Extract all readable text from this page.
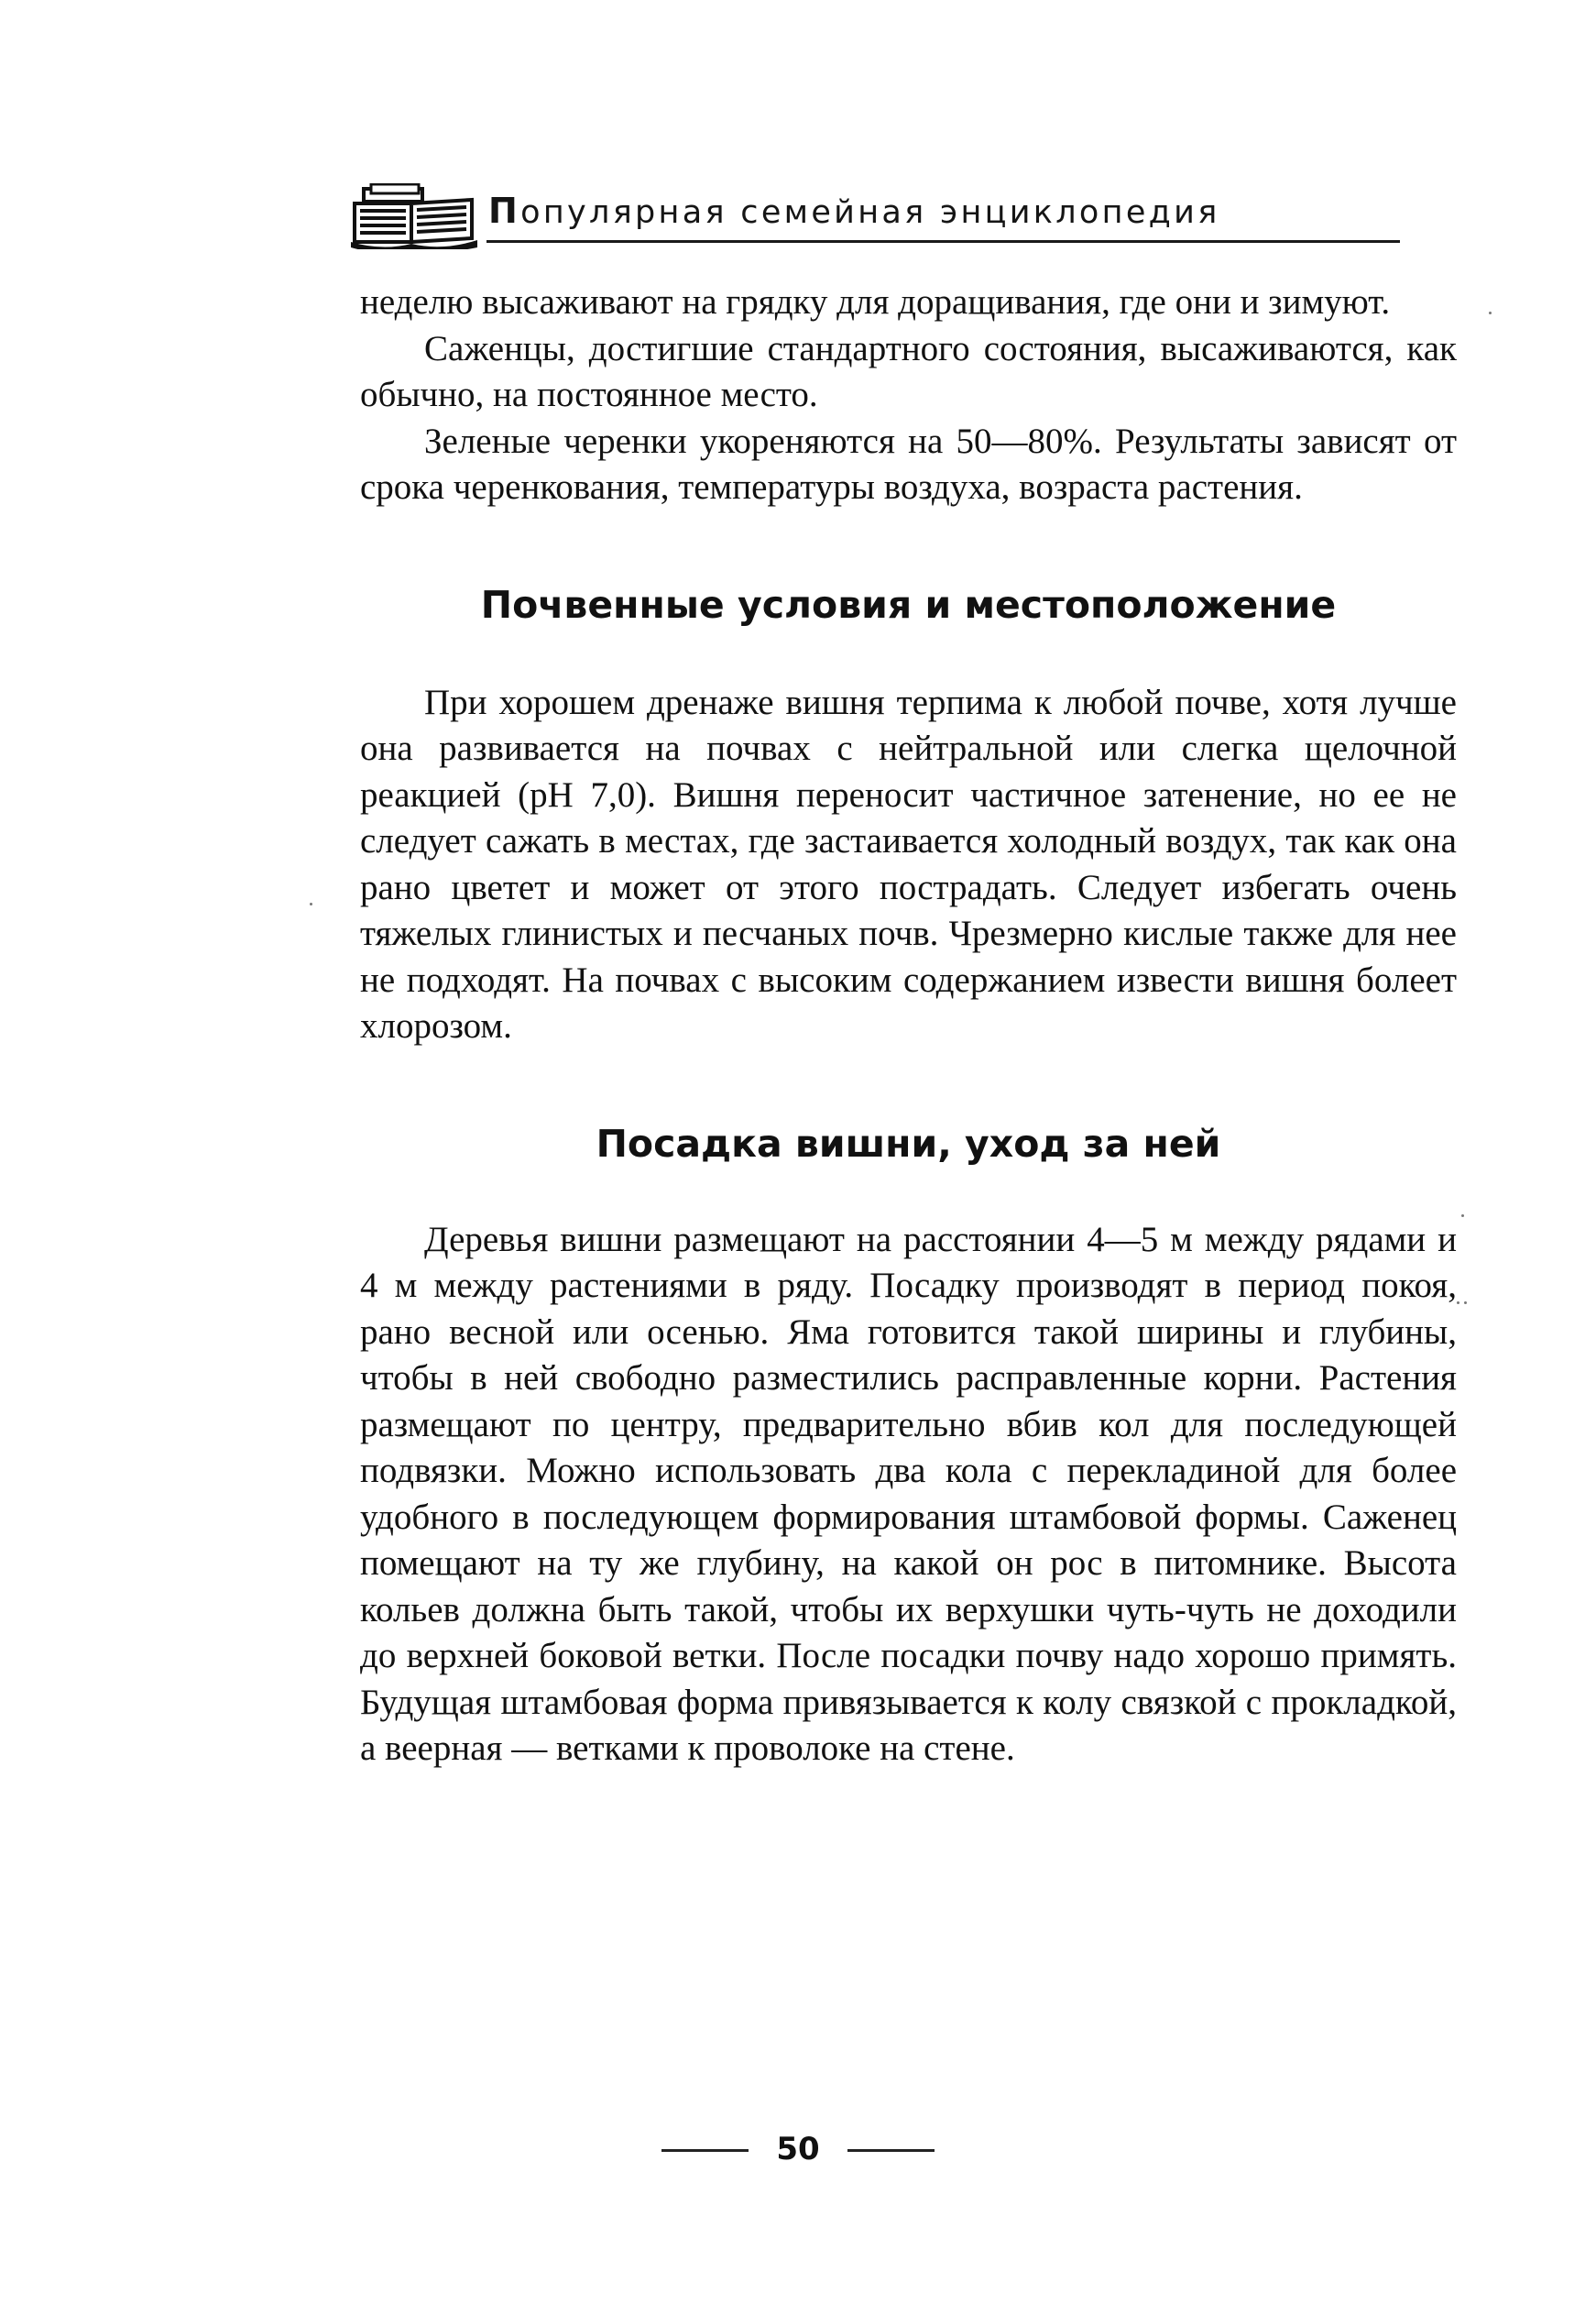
Популярная семейная энциклопедия

неделю высаживают на грядку для доращивания, где они и зимуют.

Саженцы, достигшие стандартного состояния, высаживаются, как обычно, на постоянное место.

Зеленые черенки укореняются на 50—80%. Результаты зависят от срока черенкования, температуры воздуха, возраста растения.

Почвенные условия и местоположение

При хорошем дренаже вишня терпима к любой почве, хотя лучше она развивается на почвах с нейтральной или слегка щелочной реакцией (рН 7,0). Вишня переносит частичное затенение, но ее не следует сажать в местах, где застаивается холодный воздух, так как она рано цветет и может от этого пострадать. Следует избегать очень тяжелых глинистых и песчаных почв. Чрезмерно кислые также для нее не подходят. На почвах с высоким содержанием извести вишня болеет хлорозом.

Посадка вишни, уход за ней

Деревья вишни размещают на расстоянии 4—5 м между рядами и 4 м между растениями в ряду. Посадку производят в период покоя, рано весной или осенью. Яма готовится такой ширины и глубины, чтобы в ней свободно разместились расправленные корни. Растения размещают по центру, предварительно вбив кол для последующей подвязки. Можно использовать два кола с перекладиной для более удобного в последующем формирования штамбовой формы. Саженец помещают на ту же глубину, на какой он рос в питомнике. Высота кольев должна быть такой, чтобы их верхушки чуть-чуть не доходили до верхней боковой ветки. После посадки почву надо хорошо примять. Будущая штамбовая форма привязывается к колу связкой с прокладкой, а веерная — ветками к проволоке на стене.

50
